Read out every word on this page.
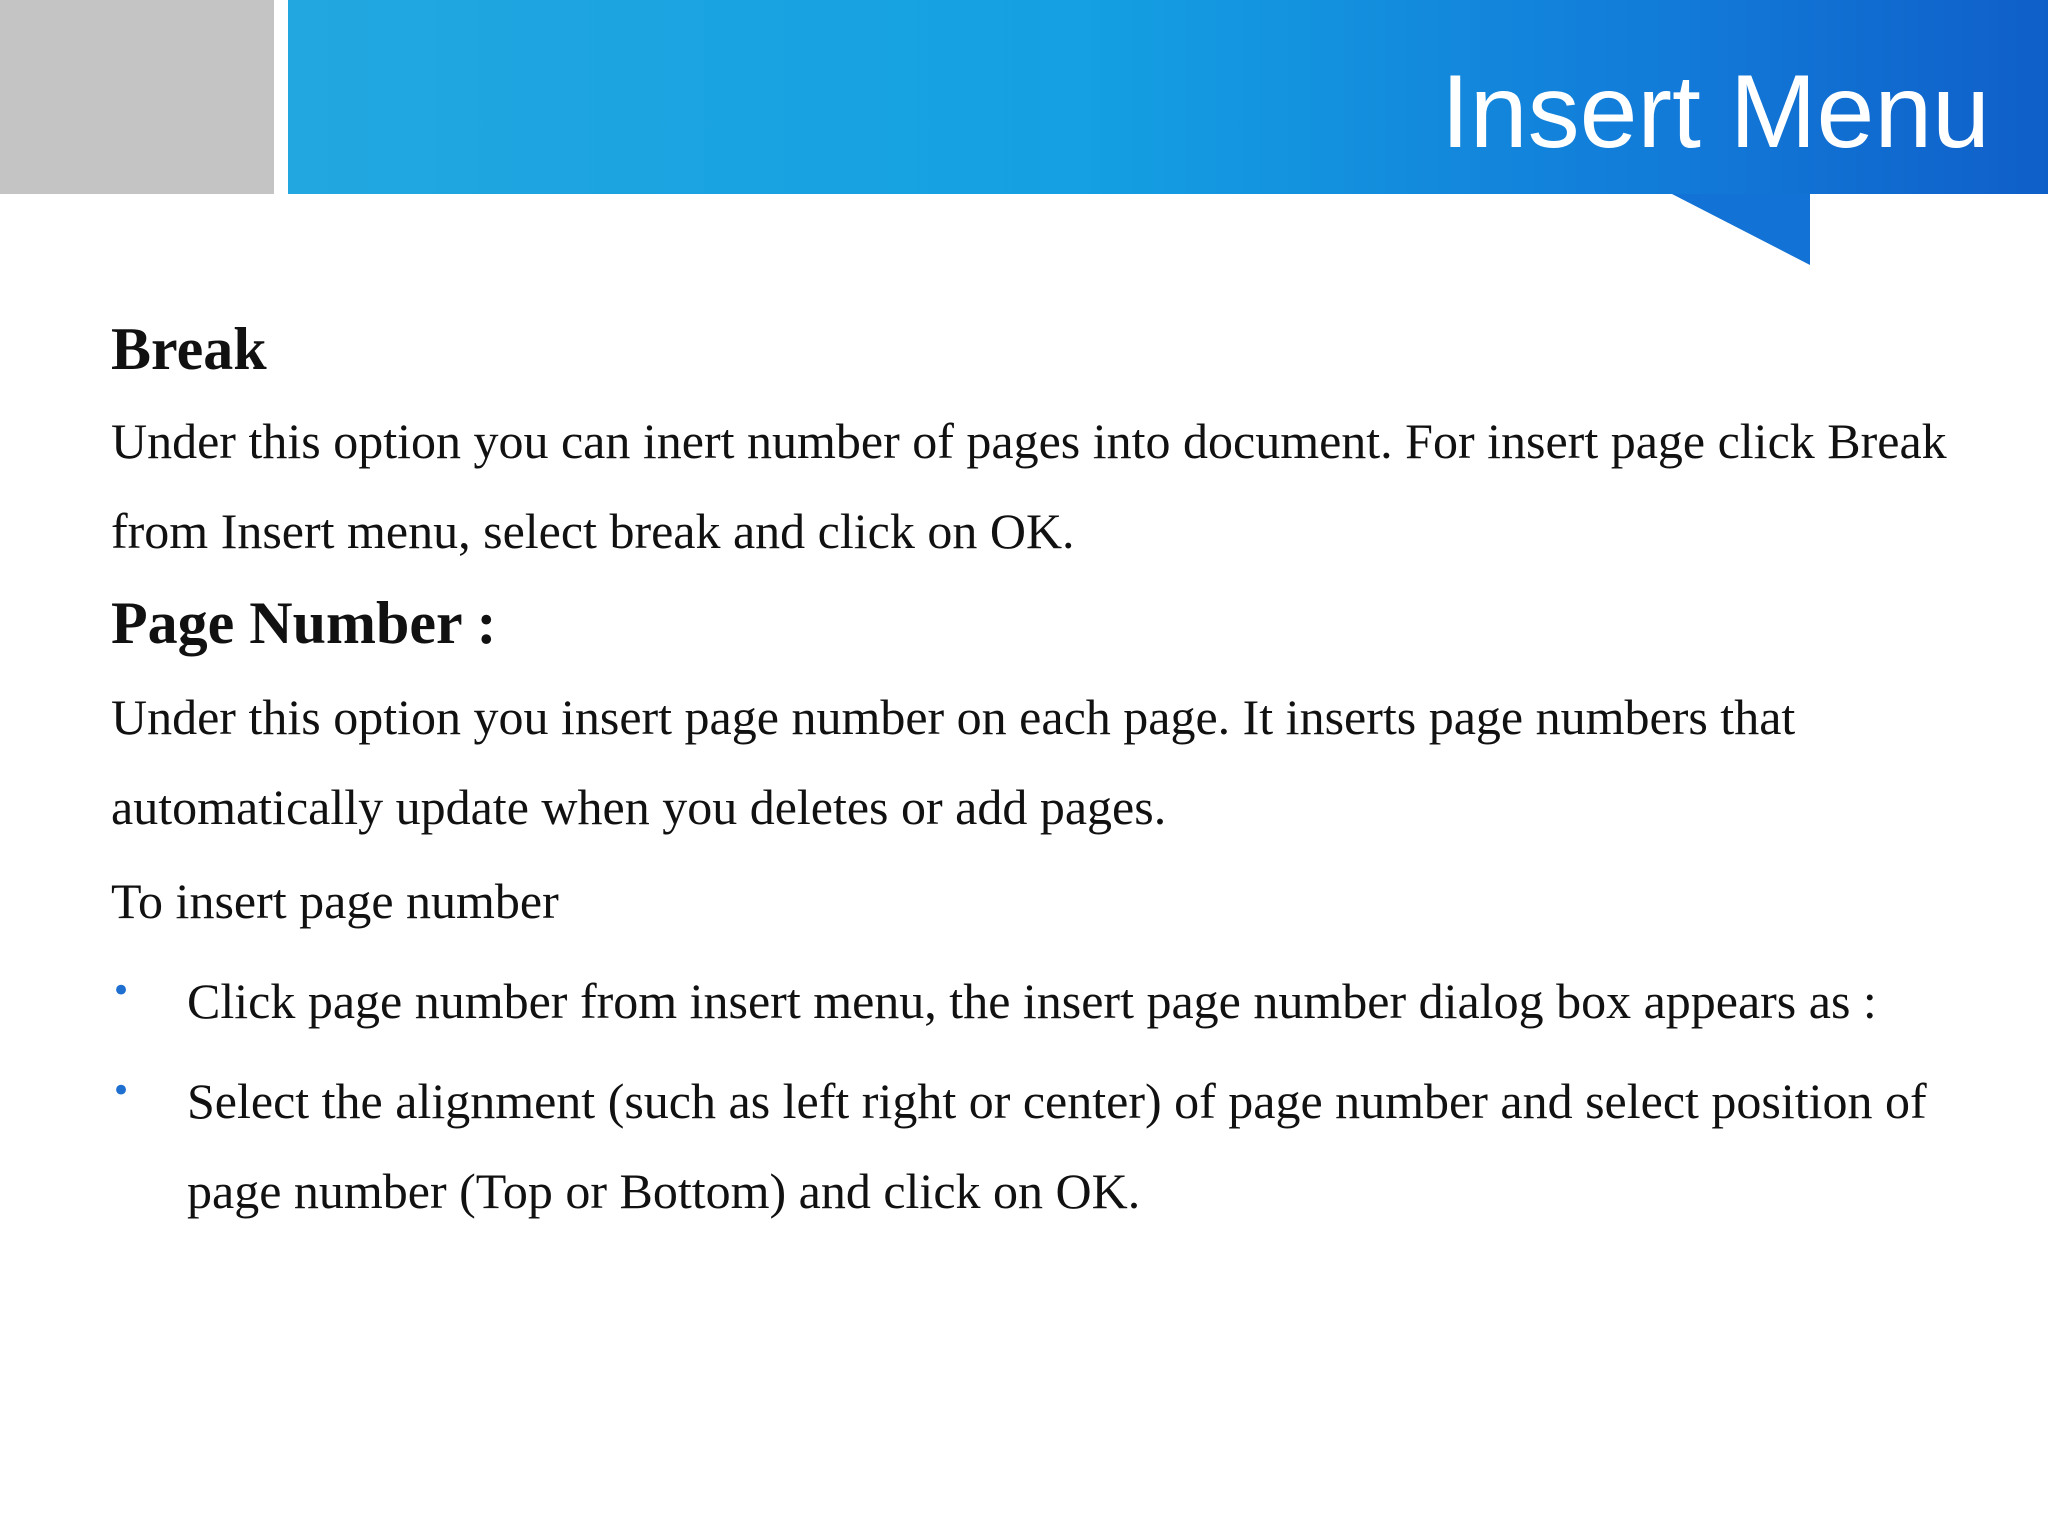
Insert Menu
Break

Under this option you can inert number of pages into document. For insert page click Break from Insert menu, select break and click on OK.

Page Number :

Under this option you insert page number on each page. It inserts page numbers that automatically update when you deletes or add pages.

To insert page number

• Click page number from insert menu, the insert page number dialog box appears as :
• Select the alignment (such as left right or center) of page number and select position of page number (Top or Bottom) and click on OK.
